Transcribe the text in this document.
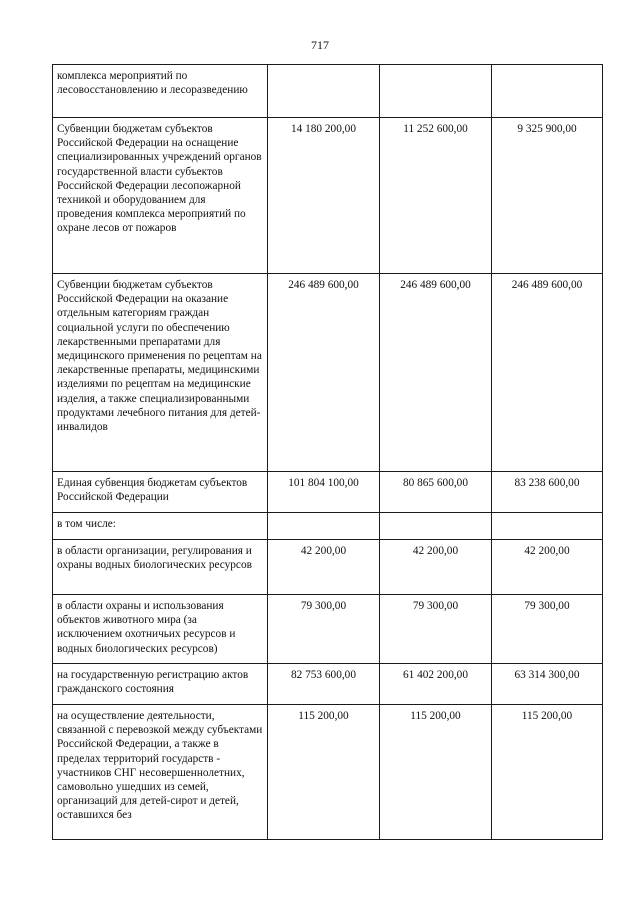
717
комплекса мероприятий по лесовосстановлению и лесоразведению			
Субвенции бюджетам субъектов Российской Федерации на оснащение специализированных учреждений органов государственной власти субъектов Российской Федерации лесопожарной техникой и оборудованием для проведения комплекса мероприятий по охране лесов от пожаров	14 180 200,00	11 252 600,00	9 325 900,00
Субвенции бюджетам субъектов Российской Федерации на оказание отдельным категориям граждан социальной услуги по обеспечению лекарственными препаратами для медицинского применения по рецептам на лекарственные препараты, медицинскими изделиями по рецептам на медицинские изделия, а также специализированными продуктами лечебного питания для детей-инвалидов	246 489 600,00	246 489 600,00	246 489 600,00
Единая субвенция бюджетам субъектов Российской Федерации	101 804 100,00	80 865 600,00	83 238 600,00
в том числе:			
в области организации, регулирования и охраны водных биологических ресурсов	42 200,00	42 200,00	42 200,00
в области охраны и использования объектов животного мира (за исключением охотничьих ресурсов и водных биологических ресурсов)	79 300,00	79 300,00	79 300,00
на государственную регистрацию актов гражданского состояния	82 753 600,00	61 402 200,00	63 314 300,00
на осуществление деятельности, связанной с перевозкой между субъектами Российской Федерации, а также в пределах территорий государств - участников СНГ несовершеннолетних, самовольно ушедших из семей, организаций для детей-сирот и детей, оставшихся без	115 200,00	115 200,00	115 200,00
